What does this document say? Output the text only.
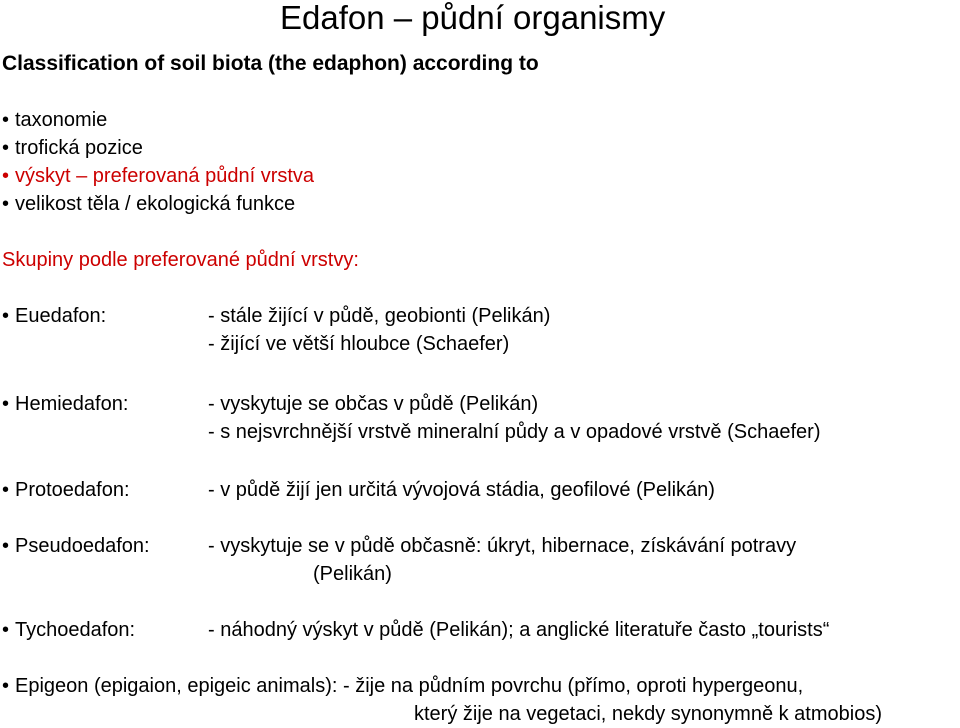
Edafon – půdní organismy
Classification of soil biota (the edaphon) according to
• taxonomie
• trofická pozice
• výskyt – preferovaná půdní vrstva
• velikost těla / ekologická funkce
Skupiny podle preferované půdní vrstvy:
• Euedafon:	- stále žijící v půdě, geobionti (Pelikán)
- žijící ve větší hloubce (Schaefer)
• Hemiedafon:	- vyskytuje se občas v půdě (Pelikán)
- s nejsvrchnější vrstvě mineralní půdy a v opadové vrstvě (Schaefer)
• Protoedafon:	- v půdě žijí jen určitá vývojová stádia, geofilové (Pelikán)
• Pseudoedafon:	- vyskytuje se v půdě občasně: úkryt, hibernace, získávání potravy
(Pelikán)
• Tychoedafon:	- náhodný výskyt v půdě (Pelikán); a anglické literatuře často „tourists“
• Epigeon (epigaion, epigeic animals): - žije na půdním povrchu (přímo, oproti hypergeonu,
který žije na vegetaci, nekdy synonymně k atmobios)
